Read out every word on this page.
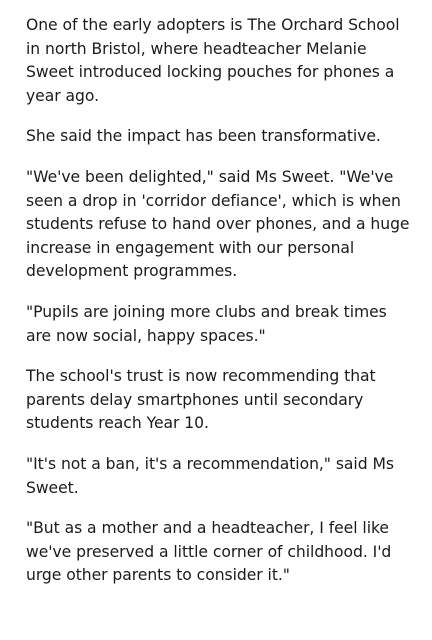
One of the early adopters is The Orchard School in north Bristol, where headteacher Melanie Sweet introduced locking pouches for phones a year ago.

She said the impact has been transformative.

"We've been delighted," said Ms Sweet. "We've seen a drop in 'corridor defiance', which is when students refuse to hand over phones, and a huge increase in engagement with our personal development programmes.

"Pupils are joining more clubs and break times are now social, happy spaces."

The school's trust is now recommending that parents delay smartphones until secondary students reach Year 10.

"It's not a ban, it's a recommendation," said Ms Sweet.

"But as a mother and a headteacher, I feel like we've preserved a little corner of childhood. I'd urge other parents to consider it."
